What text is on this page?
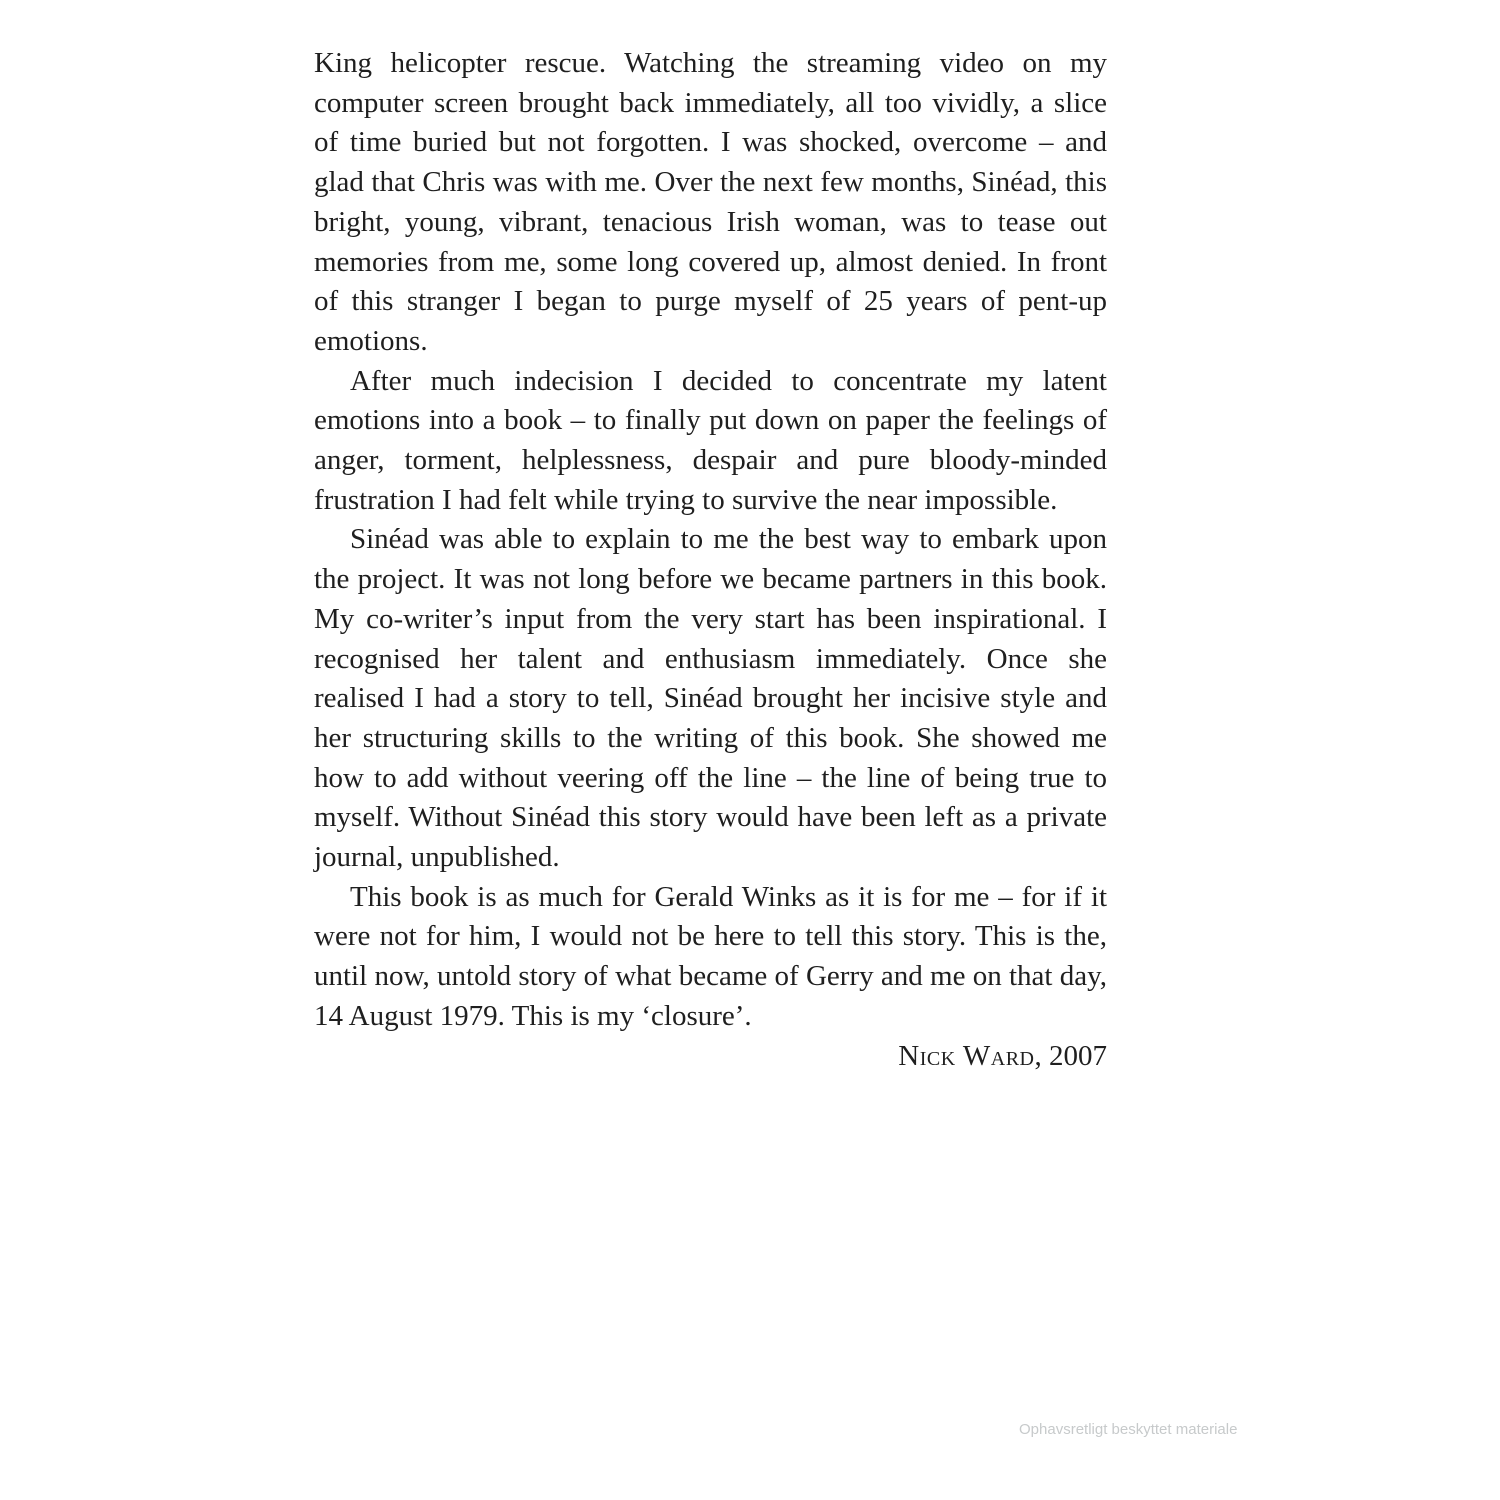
King helicopter rescue. Watching the streaming video on my computer screen brought back immediately, all too vividly, a slice of time buried but not forgotten. I was shocked, overcome – and glad that Chris was with me. Over the next few months, Sinéad, this bright, young, vibrant, tenacious Irish woman, was to tease out memories from me, some long covered up, almost denied. In front of this stranger I began to purge myself of 25 years of pent-up emotions.

After much indecision I decided to concentrate my latent emotions into a book – to finally put down on paper the feelings of anger, torment, helplessness, despair and pure bloody-minded frustration I had felt while trying to survive the near impossible.

Sinéad was able to explain to me the best way to embark upon the project. It was not long before we became partners in this book. My co-writer’s input from the very start has been inspirational. I recognised her talent and enthusiasm immediately. Once she realised I had a story to tell, Sinéad brought her incisive style and her structuring skills to the writing of this book. She showed me how to add without veering off the line – the line of being true to myself. Without Sinéad this story would have been left as a private journal, unpublished.

This book is as much for Gerald Winks as it is for me – for if it were not for him, I would not be here to tell this story. This is the, until now, untold story of what became of Gerry and me on that day, 14 August 1979. This is my ‘closure’.

Nick Ward, 2007

Ophavsretligt beskyttet materiale
